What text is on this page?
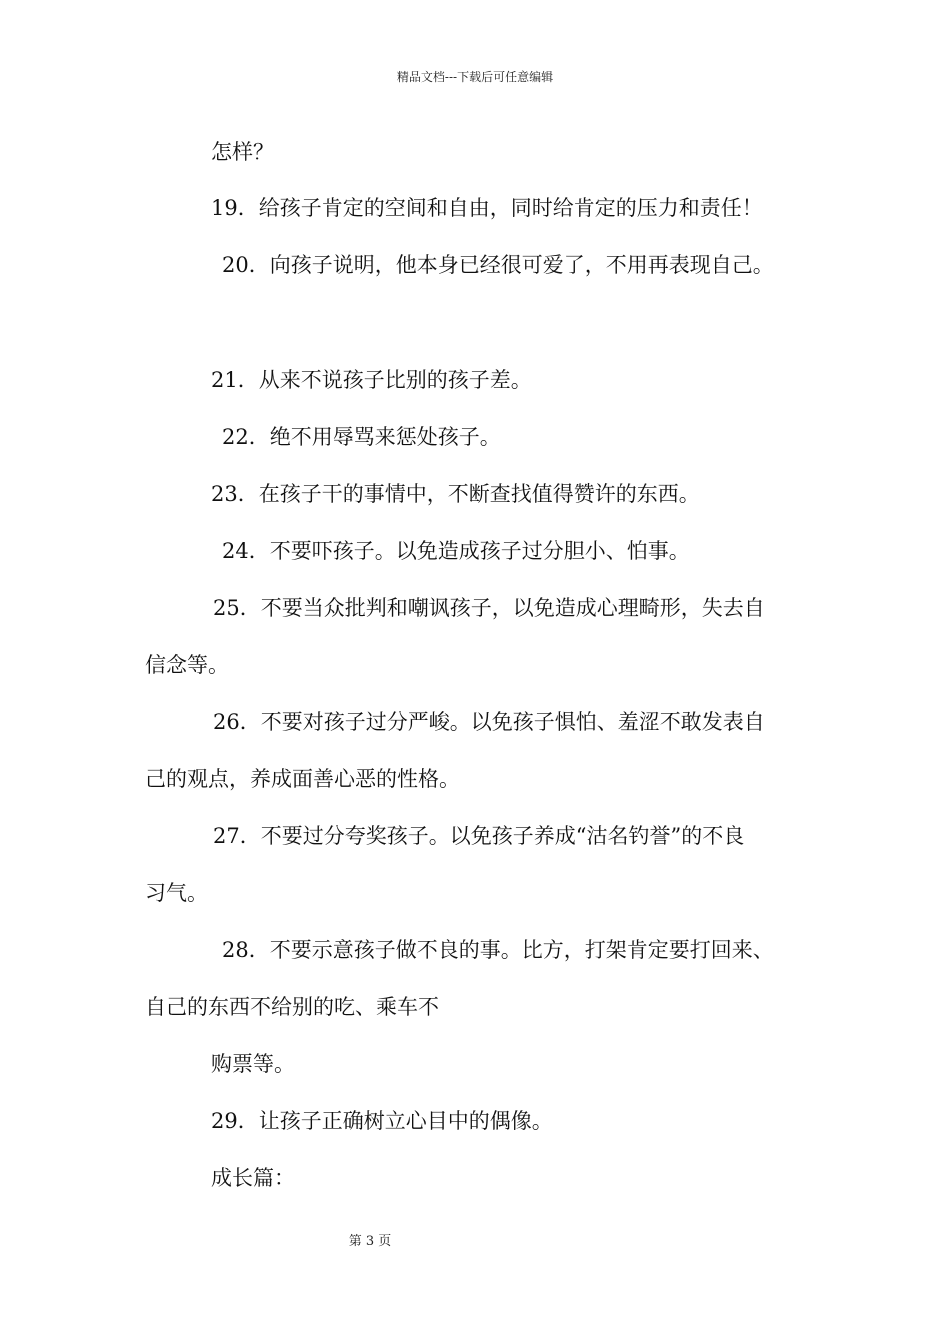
精品文档---下载后可任意编辑
怎样？
19．给孩子肯定的空间和自由，同时给肯定的压力和责任！
20．向孩子说明，他本身已经很可爱了，不用再表现自己。
21．从来不说孩子比别的孩子差。
22．绝不用辱骂来惩处孩子。
23．在孩子干的事情中，不断查找值得赞许的东西。
24．不要吓孩子。以免造成孩子过分胆小、怕事。
25．不要当众批判和嘲讽孩子，以免造成心理畸形，失去自
信念等。
26．不要对孩子过分严峻。以免孩子惧怕、羞涩不敢发表自
己的观点，养成面善心恶的性格。
27．不要过分夸奖孩子。以免孩子养成“沽名钓誉”的不良
习气。
28．不要示意孩子做不良的事。比方，打架肯定要打回来、
自己的东西不给别的吃、乘车不
购票等。
29．让孩子正确树立心目中的偶像。
成长篇：
第 3 页
